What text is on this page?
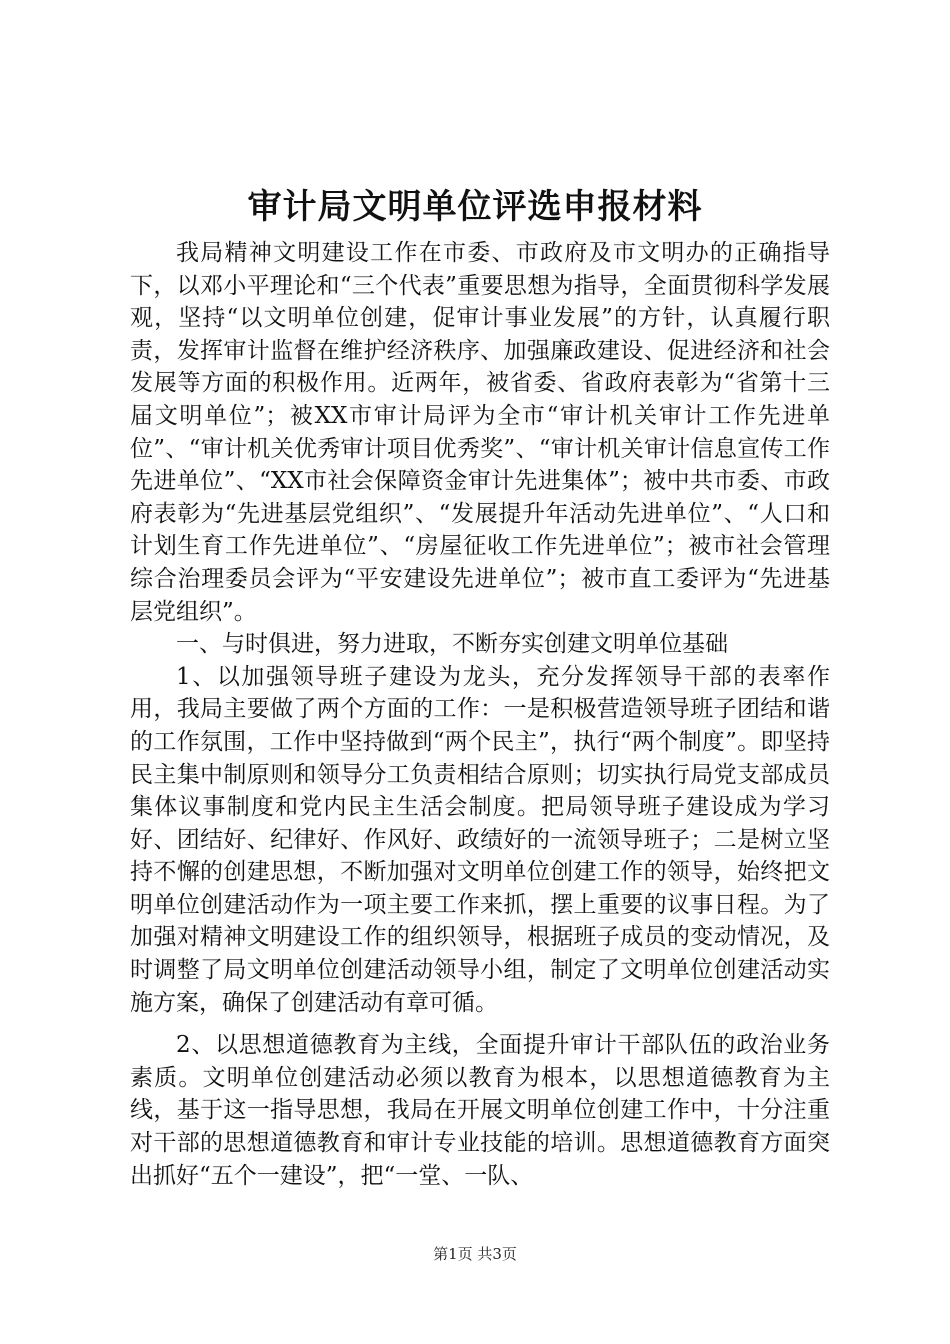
审计局文明单位评选申报材料

我局精神文明建设工作在市委、市政府及市文明办的正确指导下，以邓小平理论和“三个代表”重要思想为指导，全面贯彻科学发展观，坚持“以文明单位创建，促审计事业发展”的方针，认真履行职责，发挥审计监督在维护经济秩序、加强廉政建设、促进经济和社会发展等方面的积极作用。近两年，被省委、省政府表彰为“省第十三届文明单位”；被XX市审计局评为全市“审计机关审计工作先进单位”、“审计机关优秀审计项目优秀奖”、“审计机关审计信息宣传工作先进单位”、“XX市社会保障资金审计先进集体”；被中共市委、市政府表彰为“先进基层党组织”、“发展提升年活动先进单位”、“人口和计划生育工作先进单位”、“房屋征收工作先进单位”；被市社会管理综合治理委员会评为“平安建设先进单位”；被市直工委评为“先进基层党组织”。

一、与时俱进，努力进取，不断夯实创建文明单位基础

1、以加强领导班子建设为龙头，充分发挥领导干部的表率作用，我局主要做了两个方面的工作：一是积极营造领导班子团结和谐的工作氛围，工作中坚持做到“两个民主”，执行“两个制度”。即坚持民主集中制原则和领导分工负责相结合原则；切实执行局党支部成员集体议事制度和党内民主生活会制度。把局领导班子建设成为学习好、团结好、纪律好、作风好、政绩好的一流领导班子；二是树立坚持不懈的创建思想，不断加强对文明单位创建工作的领导，始终把文明单位创建活动作为一项主要工作来抓，摆上重要的议事日程。为了加强对精神文明建设工作的组织领导，根据班子成员的变动情况，及时调整了局文明单位创建活动领导小组，制定了文明单位创建活动实施方案，确保了创建活动有章可循。

2、以思想道德教育为主线，全面提升审计干部队伍的政治业务素质。文明单位创建活动必须以教育为根本，以思想道德教育为主线，基于这一指导思想，我局在开展文明单位创建工作中，十分注重对干部的思想道德教育和审计专业技能的培训。思想道德教育方面突出抓好“五个一建设”，把“一堂、一队、

第1页 共3页
